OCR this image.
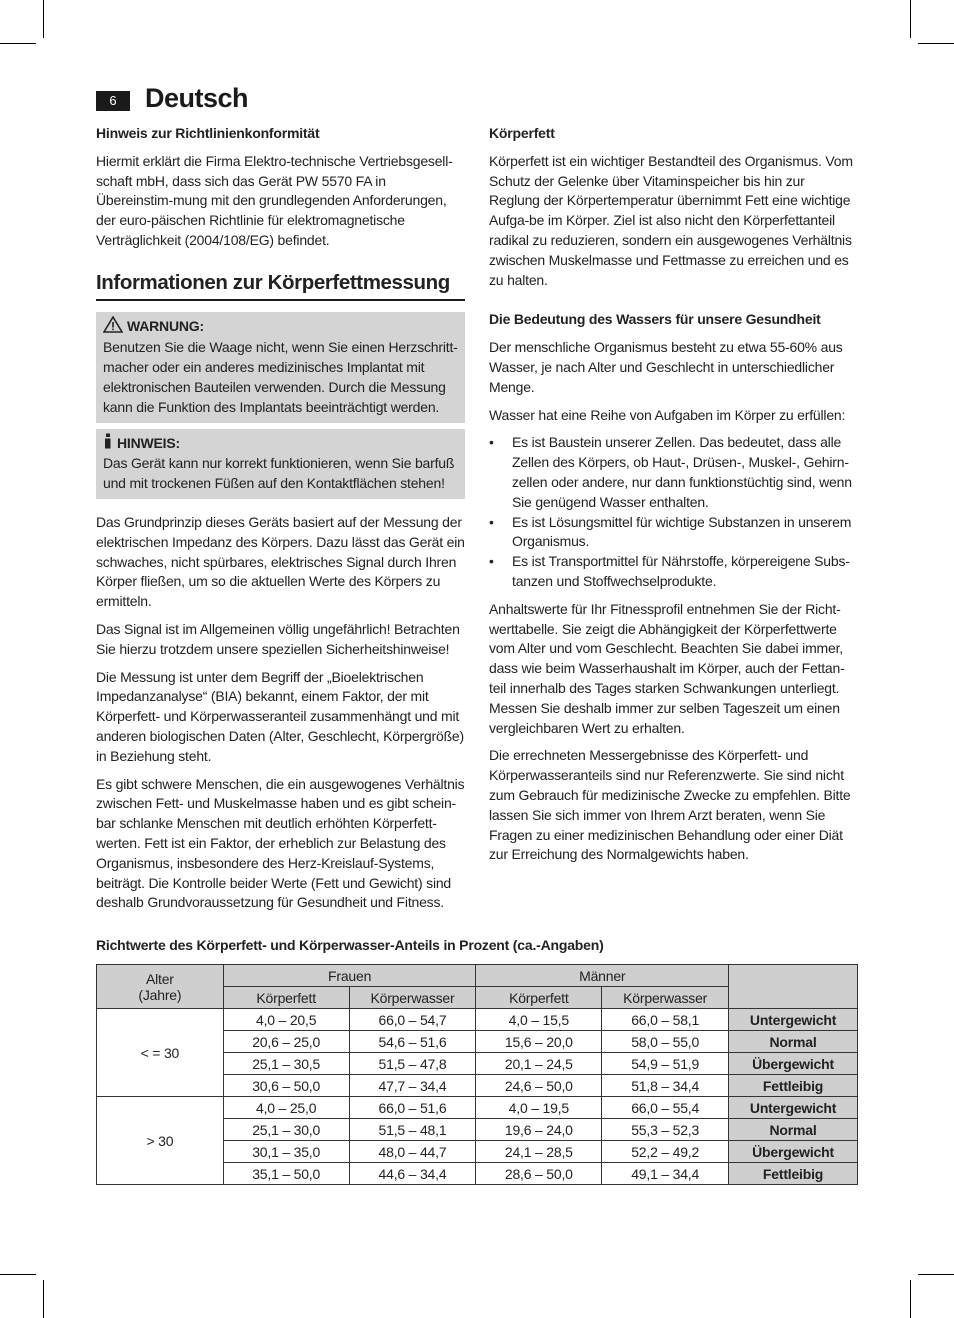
6	Deutsch

Hinweis zur Richtlinienkonformität

Hiermit erklärt die Firma Elektro-technische Vertriebsgesell-schaft mbH, dass sich das Gerät PW 5570 FA in Übereinstim-mung mit den grundlegenden Anforderungen, der euro-päischen Richtlinie für elektromagnetische Verträglichkeit (2004/108/EG) befindet.

Informationen zur Körperfettmessung
WARNUNG:
Benutzen Sie die Waage nicht, wenn Sie einen Herzschritt-macher oder ein anderes medizinisches Implantat mit elektronischen Bauteilen verwenden. Durch die Messung kann die Funktion des Implantats beeinträchtigt werden.
HINWEIS:
Das Gerät kann nur korrekt funktionieren, wenn Sie barfuß und mit trockenen Füßen auf den Kontaktflächen stehen!

Das Grundprinzip dieses Geräts basiert auf der Messung der elektrischen Impedanz des Körpers. Dazu lässt das Gerät ein schwaches, nicht spürbares, elektrisches Signal durch Ihren Körper fließen, um so die aktuellen Werte des Körpers zu ermitteln.

Das Signal ist im Allgemeinen völlig ungefährlich! Betrachten Sie hierzu trotzdem unsere speziellen Sicherheitshinweise!

Die Messung ist unter dem Begriff der „Bioelektrischen Impedanzanalyse“ (BIA) bekannt, einem Faktor, der mit Körperfett- und Körperwasseranteil zusammenhängt und mit anderen biologischen Daten (Alter, Geschlecht, Körpergröße) in Beziehung steht.

Es gibt schwere Menschen, die ein ausgewogenes Verhältnis zwischen Fett- und Muskelmasse haben und es gibt schein-bar schlanke Menschen mit deutlich erhöhten Körperfett-werten. Fett ist ein Faktor, der erheblich zur Belastung des Organismus, insbesondere des Herz-Kreislauf-Systems, beiträgt. Die Kontrolle beider Werte (Fett und Gewicht) sind deshalb Grundvoraussetzung für Gesundheit und Fitness.

Körperfett

Körperfett ist ein wichtiger Bestandteil des Organismus. Vom Schutz der Gelenke über Vitaminspeicher bis hin zur Reglung der Körpertemperatur übernimmt Fett eine wichtige Aufga-be im Körper. Ziel ist also nicht den Körperfettanteil radikal zu reduzieren, sondern ein ausgewogenes Verhältnis zwischen Muskelmasse und Fettmasse zu erreichen und es zu halten.

Die Bedeutung des Wassers für unsere Gesundheit

Der menschliche Organismus besteht zu etwa 55-60% aus Wasser, je nach Alter und Geschlecht in unterschiedlicher Menge.

Wasser hat eine Reihe von Aufgaben im Körper zu erfüllen:

• Es ist Baustein unserer Zellen. Das bedeutet, dass alle Zellen des Körpers, ob Haut-, Drüsen-, Muskel-, Gehirn-zellen oder andere, nur dann funktionstüchtig sind, wenn Sie genügend Wasser enthalten.
• Es ist Lösungsmittel für wichtige Substanzen in unserem Organismus.
• Es ist Transportmittel für Nährstoffe, körpereigene Subs-tanzen und Stoffwechselprodukte.

Anhaltswerte für Ihr Fitnessprofil entnehmen Sie der Richt-werttabelle. Sie zeigt die Abhängigkeit der Körperfettwerte vom Alter und vom Geschlecht. Beachten Sie dabei immer, dass wie beim Wasserhaushalt im Körper, auch der Fettan-teil innerhalb des Tages starken Schwankungen unterliegt. Messen Sie deshalb immer zur selben Tageszeit um einen vergleichbaren Wert zu erhalten.

Die errechneten Messergebnisse des Körperfett- und Körperwasseranteils sind nur Referenzwerte. Sie sind nicht zum Gebrauch für medizinische Zwecke zu empfehlen. Bitte lassen Sie sich immer von Ihrem Arzt beraten, wenn Sie Fragen zu einer medizinischen Behandlung oder einer Diät zur Erreichung des Normalgewichts haben.

Richtwerte des Körperfett- und Körperwasser-Anteils in Prozent (ca.-Angaben)
Alter
(Jahre)	Frauen		Männer		
	Körperfett	Körperwasser	Körperfett	Körperwasser	
< = 30	4,0 – 20,5	66,0 – 54,7	4,0 – 15,5	66,0 – 58,1	Untergewicht
	20,6 – 25,0	54,6 – 51,6	15,6 – 20,0	58,0 – 55,0	Normal
	25,1 – 30,5	51,5 – 47,8	20,1 – 24,5	54,9 – 51,9	Übergewicht
	30,6 – 50,0	47,7 – 34,4	24,6 – 50,0	51,8 – 34,4	Fettleibig
> 30	4,0 – 25,0	66,0 – 51,6	4,0 – 19,5	66,0 – 55,4	Untergewicht
	25,1 – 30,0	51,5 – 48,1	19,6 – 24,0	55,3 – 52,3	Normal
	30,1 – 35,0	48,0 – 44,7	24,1 – 28,5	52,2 – 49,2	Übergewicht
	35,1 – 50,0	44,6 – 34,4	28,6 – 50,0	49,1 – 34,4	Fettleibig
